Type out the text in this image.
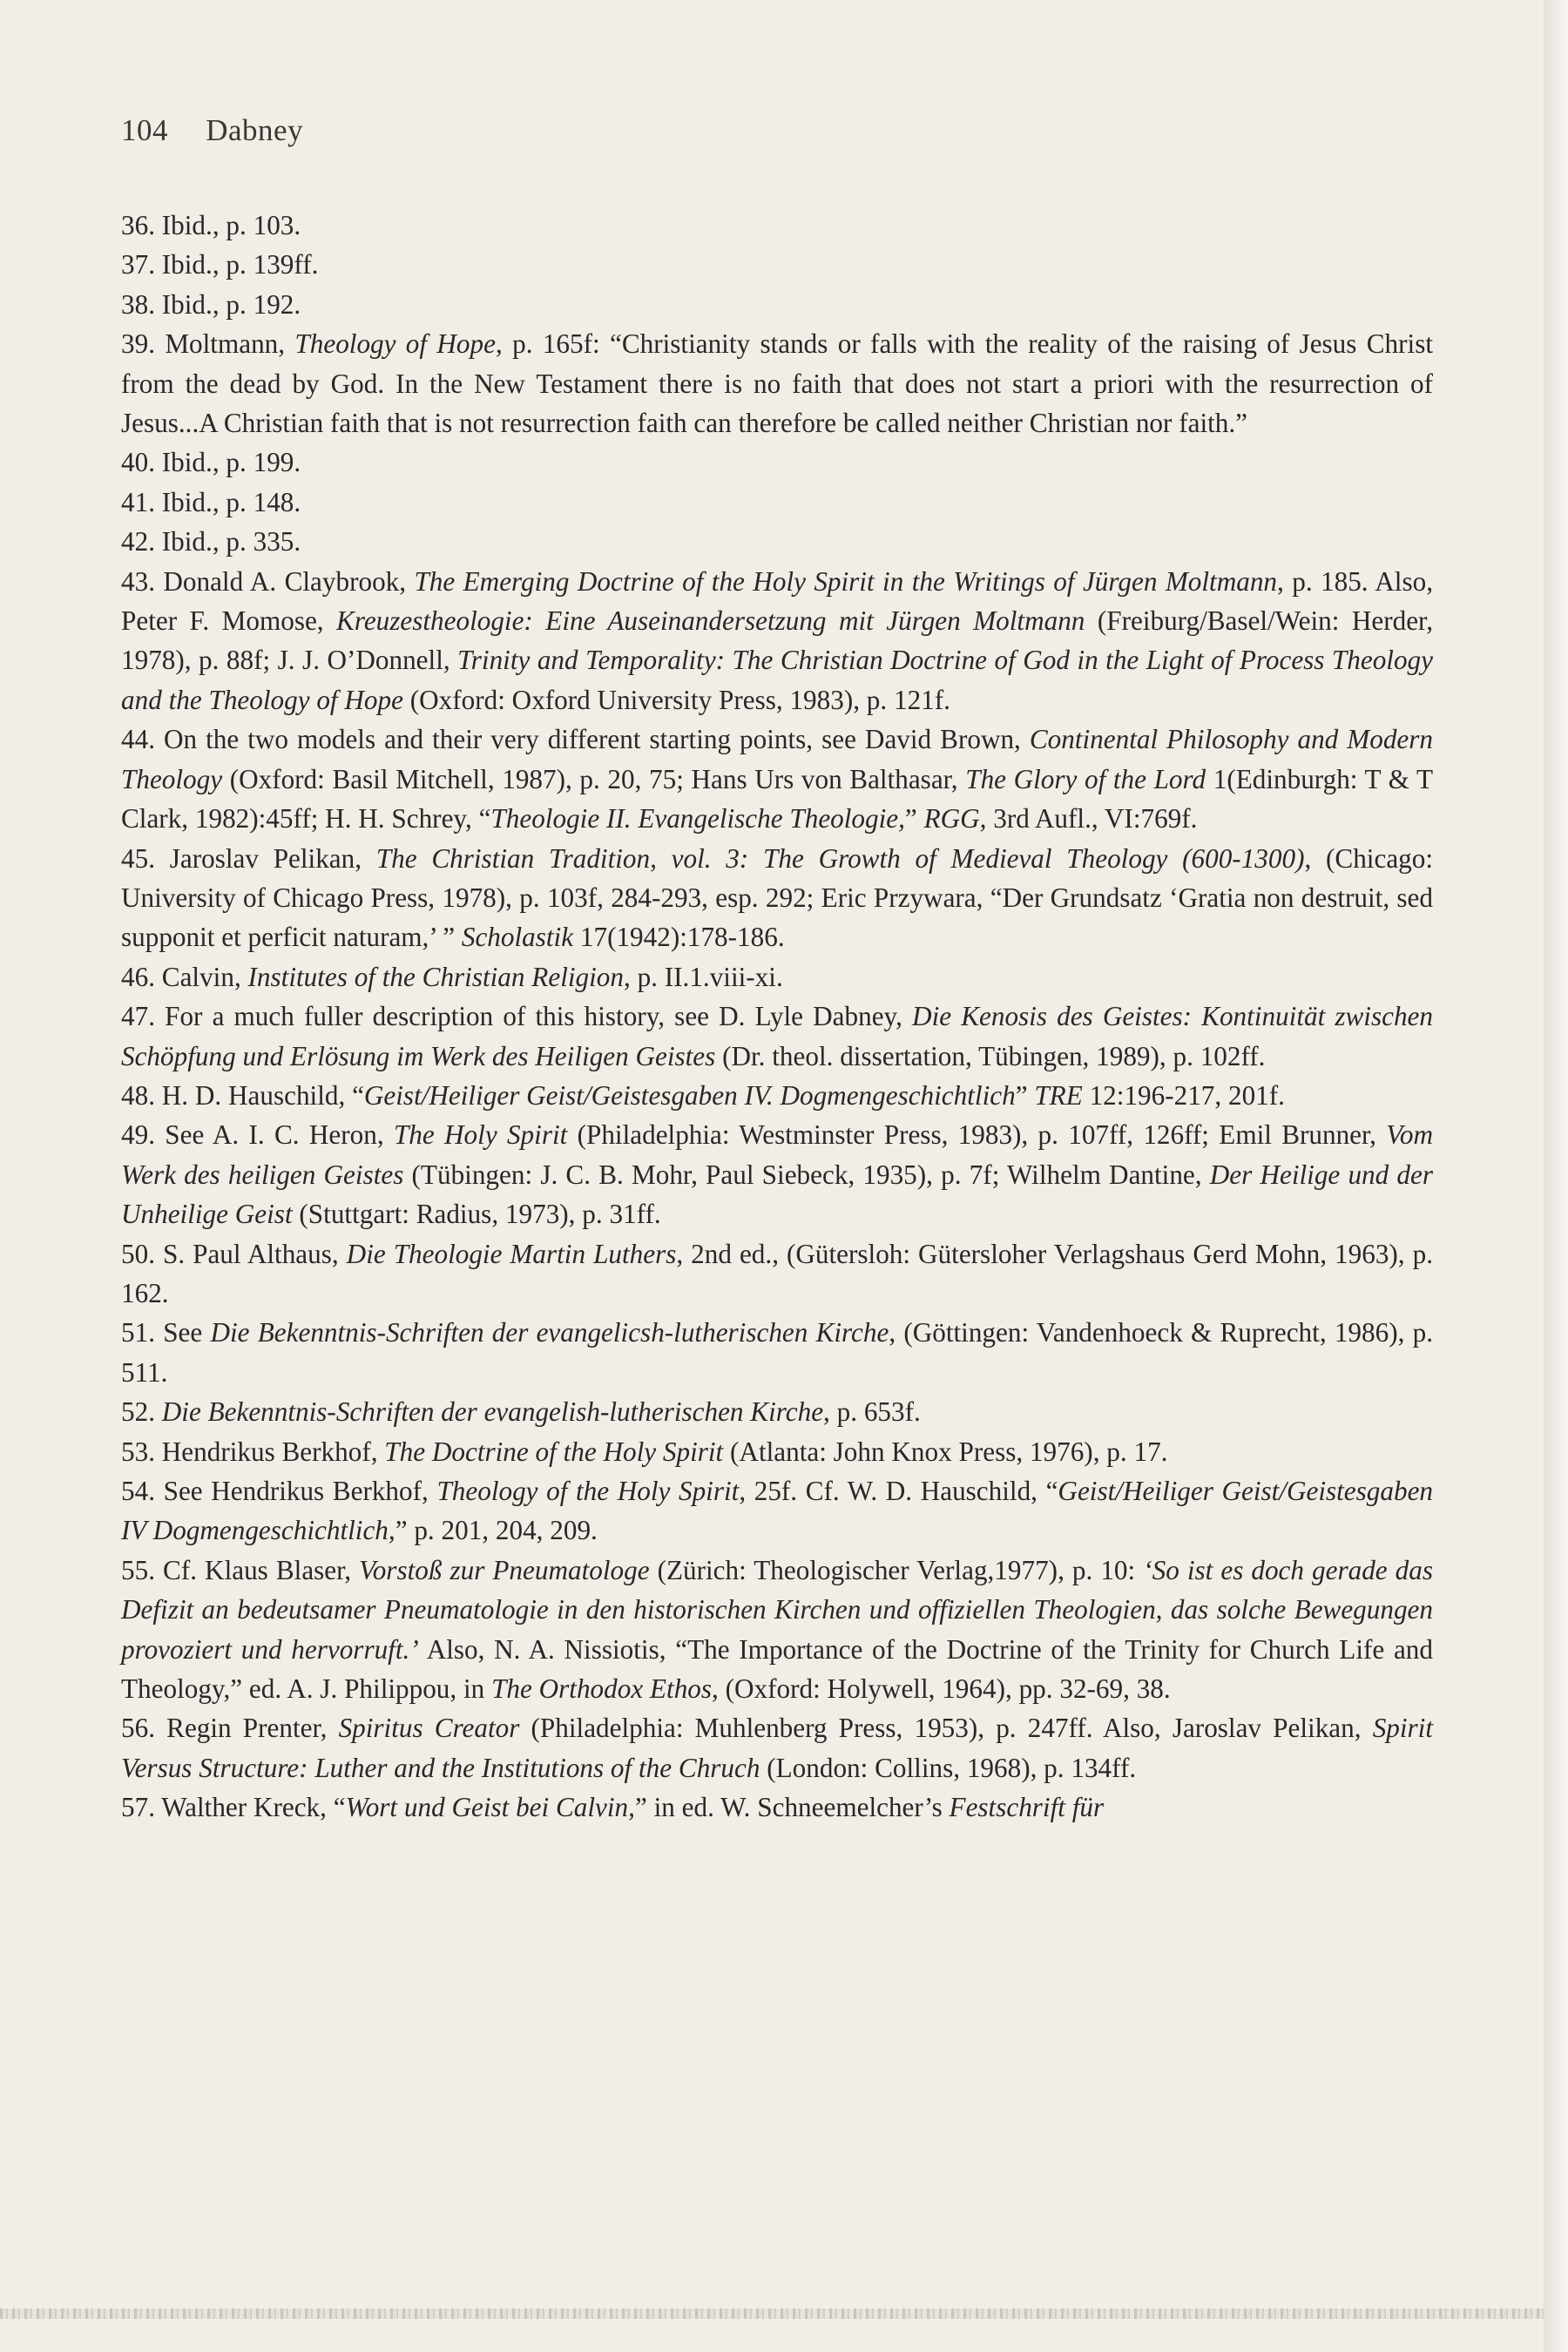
104 Dabney

36. Ibid., p. 103.

37. Ibid., p. 139ff.

38. Ibid., p. 192.

39. Moltmann, Theology of Hope, p. 165f: “Christianity stands or falls with the reality of the raising of Jesus Christ from the dead by God. In the New Testament there is no faith that does not start a priori with the resurrection of Jesus...A Christian faith that is not resurrection faith can therefore be called neither Christian nor faith.”

40. Ibid., p. 199.

41. Ibid., p. 148.

42. Ibid., p. 335.

43. Donald A. Claybrook, The Emerging Doctrine of the Holy Spirit in the Writings of Jürgen Moltmann, p. 185. Also, Peter F. Momose, Kreuzestheologie: Eine Auseinandersetzung mit Jürgen Moltmann (Freiburg/Basel/Wein: Herder, 1978), p. 88f; J. J. O’Donnell, Trinity and Temporality: The Christian Doctrine of God in the Light of Process Theology and the Theology of Hope (Oxford: Oxford University Press, 1983), p. 121f.

44. On the two models and their very different starting points, see David Brown, Continental Philosophy and Modern Theology (Oxford: Basil Mitchell, 1987), p. 20, 75; Hans Urs von Balthasar, The Glory of the Lord 1(Edinburgh: T & T Clark, 1982):45ff; H. H. Schrey, “Theologie II. Evangelische Theologie,” RGG, 3rd Aufl., VI:769f.

45. Jaroslav Pelikan, The Christian Tradition, vol. 3: The Growth of Medieval Theology (600-1300), (Chicago: University of Chicago Press, 1978), p. 103f, 284-293, esp. 292; Eric Przywara, “Der Grundsatz ‘Gratia non destruit, sed supponit et perficit naturam,’ ” Scholastik 17(1942):178-186.

46. Calvin, Institutes of the Christian Religion, p. II.1.viii-xi.

47. For a much fuller description of this history, see D. Lyle Dabney, Die Kenosis des Geistes: Kontinuität zwischen Schöpfung und Erlösung im Werk des Heiligen Geistes (Dr. theol. dissertation, Tübingen, 1989), p. 102ff.

48. H. D. Hauschild, “Geist/Heiliger Geist/Geistesgaben IV. Dogmengeschichtlich” TRE 12:196-217, 201f.

49. See A. I. C. Heron, The Holy Spirit (Philadelphia: Westminster Press, 1983), p. 107ff, 126ff; Emil Brunner, Vom Werk des heiligen Geistes (Tübingen: J. C. B. Mohr, Paul Siebeck, 1935), p. 7f; Wilhelm Dantine, Der Heilige und der Unheilige Geist (Stuttgart: Radius, 1973), p. 31ff.

50. S. Paul Althaus, Die Theologie Martin Luthers, 2nd ed., (Gütersloh: Gütersloher Verlagshaus Gerd Mohn, 1963), p. 162.

51. See Die Bekenntnis-Schriften der evangelicsh-lutherischen Kirche, (Göttingen: Vandenhoeck & Ruprecht, 1986), p. 511.

52. Die Bekenntnis-Schriften der evangelish-lutherischen Kirche, p. 653f.

53. Hendrikus Berkhof, The Doctrine of the Holy Spirit (Atlanta: John Knox Press, 1976), p. 17.

54. See Hendrikus Berkhof, Theology of the Holy Spirit, 25f. Cf. W. D. Hauschild, “Geist/Heiliger Geist/Geistesgaben IV Dogmengeschichtlich,” p. 201, 204, 209.

55. Cf. Klaus Blaser, Vorstoß zur Pneumatologe (Zürich: Theologischer Verlag,1977), p. 10: ‘So ist es doch gerade das Defizit an bedeutsamer Pneumatologie in den historischen Kirchen und offiziellen Theologien, das solche Bewegungen provoziert und hervorruft.’ Also, N. A. Nissiotis, “The Importance of the Doctrine of the Trinity for Church Life and Theology,” ed. A. J. Philippou, in The Orthodox Ethos, (Oxford: Holywell, 1964), pp. 32-69, 38.

56. Regin Prenter, Spiritus Creator (Philadelphia: Muhlenberg Press, 1953), p. 247ff. Also, Jaroslav Pelikan, Spirit Versus Structure: Luther and the Institutions of the Chruch (London: Collins, 1968), p. 134ff.

57. Walther Kreck, “Wort und Geist bei Calvin,” in ed. W. Schneemelcher’s Festschrift für
